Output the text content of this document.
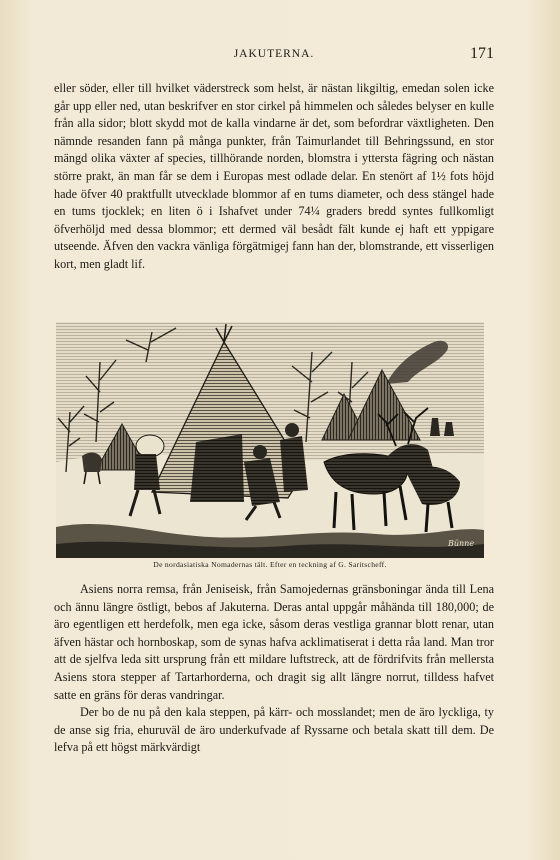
JAKUTERNA.	171

eller söder, eller till hvilket väderstreck som helst, är nästan likgiltig, emedan solen icke går upp eller ned, utan beskrifver en stor cirkel på himmelen och således belyser en kulle från alla sidor; blott skydd mot de kalla vindarne är det, som befordrar växtligheten. Den nämnde resanden fann på många punkter, från Taimurlandet till Behringssund, en stor mängd olika växter af species, tillhörande norden, blomstra i yttersta fägring och nästan större prakt, än man får se dem i Europas mest odlade delar. En stenört af 1½ fots höjd hade öfver 40 praktfullt utvecklade blommor af en tums diameter, och dess stängel hade en tums tjocklek; en liten ö i Ishafvet under 74¼ graders bredd syntes fullkomligt öfverhöljd med dessa blommor; ett dermed väl besådt fält kunde ej haft ett yppigare utseende. Äfven den vackra vänliga förgätmigej fann han der, blomstrande, ett visserligen kort, men gladt lif.

Bünne
De nordasiatiska Nomadernas tält. Efter en teckning af G. Saritscheff.

Asiens norra remsa, från Jeniseisk, från Samojedernas gränsboningar ända till Lena och ännu längre östligt, bebos af Jakuterna. Deras antal uppgår måhända till 180,000; de äro egentligen ett herdefolk, men ega icke, såsom deras vestliga grannar blott renar, utan äfven hästar och hornboskap, som de synas hafva acklimatiserat i detta råa land. Man tror att de sjelfva leda sitt ursprung från ett mildare luftstreck, att de fördrifvits från mellersta Asiens stora stepper af Tartarhorderna, och dragit sig allt längre norrut, tilldess hafvet satte en gräns för deras vandringar.

Der bo de nu på den kala steppen, på kärr- och mosslandet; men de äro lyckliga, ty de anse sig fria, ehuruväl de äro underkufvade af Ryssarne och betala skatt till dem. De lefva på ett högst märkvärdigt
